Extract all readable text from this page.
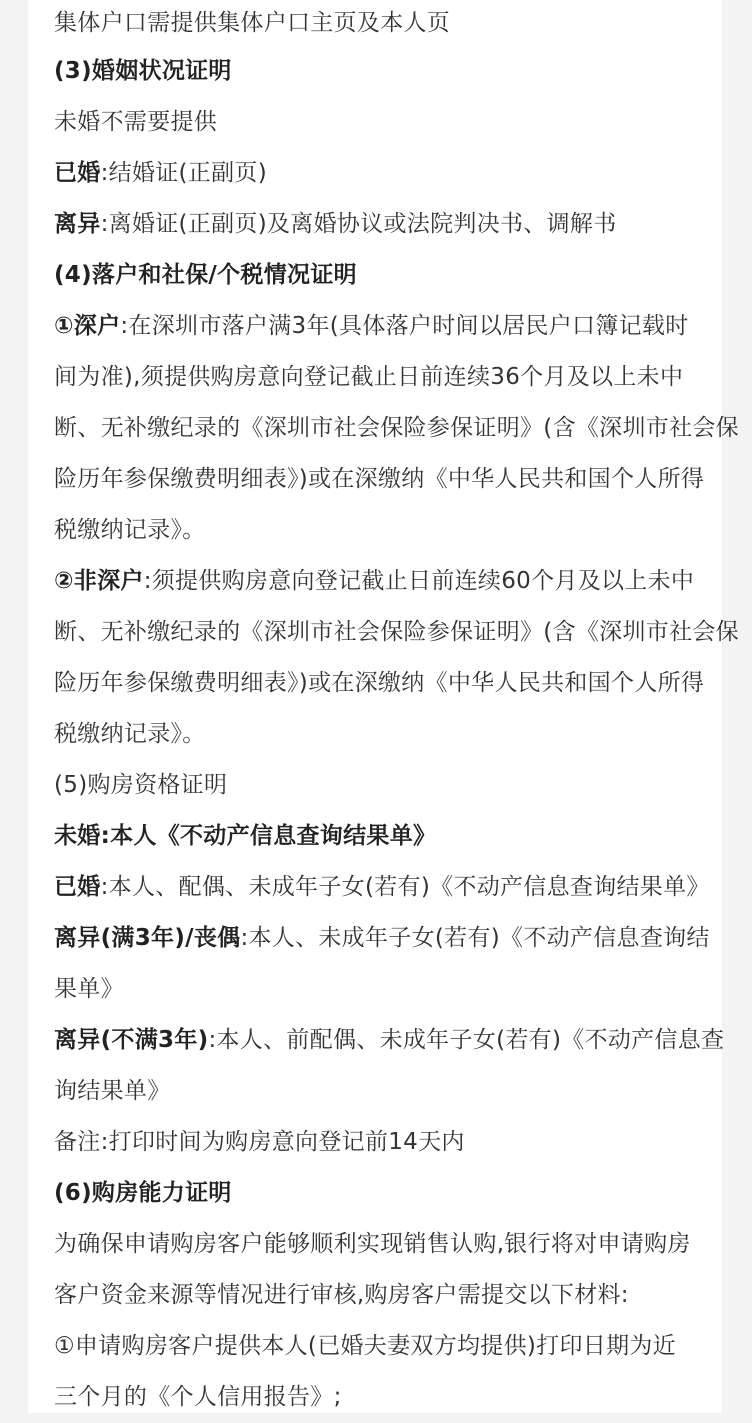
集体户口需提供集体户口主页及本人页
(3)婚姻状况证明
未婚不需要提供
已婚:结婚证(正副页)
离异:离婚证(正副页)及离婚协议或法院判决书、调解书
(4)落户和社保/个税情况证明
①深户:在深圳市落户满3年(具体落户时间以居民户口簿记载时
间为准),须提供购房意向登记截止日前连续36个月及以上未中
断、无补缴纪录的《深圳市社会保险参保证明》(含《深圳市社会保
险历年参保缴费明细表》)或在深缴纳《中华人民共和国个人所得
税缴纳记录》。
②非深户:须提供购房意向登记截止日前连续60个月及以上未中
断、无补缴纪录的《深圳市社会保险参保证明》(含《深圳市社会保
险历年参保缴费明细表》)或在深缴纳《中华人民共和国个人所得
税缴纳记录》。
(5)购房资格证明
未婚:本人《不动产信息查询结果单》
已婚:本人、配偶、未成年子女(若有)《不动产信息查询结果单》
离异(满3年)/丧偶:本人、未成年子女(若有)《不动产信息查询结
果单》
离异(不满3年):本人、前配偶、未成年子女(若有)《不动产信息查
询结果单》
备注:打印时间为购房意向登记前14天内
(6)购房能力证明
为确保申请购房客户能够顺利实现销售认购,银行将对申请购房
客户资金来源等情况进行审核,购房客户需提交以下材料:
①申请购房客户提供本人(已婚夫妻双方均提供)打印日期为近
三个月的《个人信用报告》;
